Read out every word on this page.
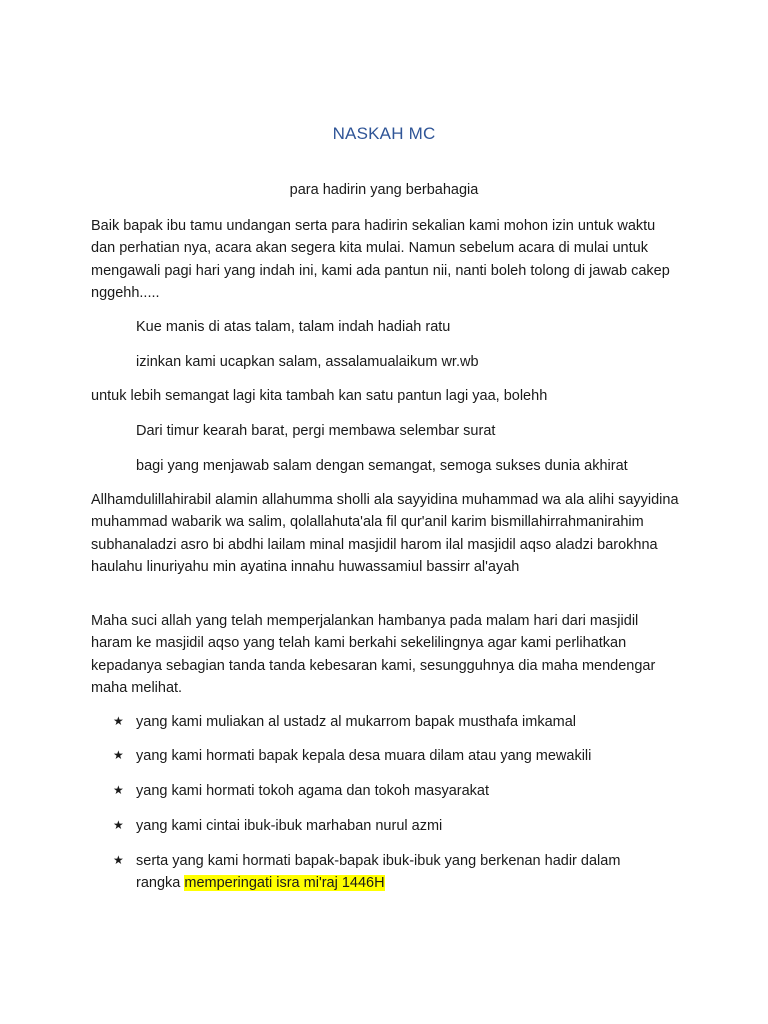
NASKAH MC
para hadirin yang berbahagia

Baik bapak ibu tamu undangan serta para hadirin sekalian kami mohon izin untuk waktu dan perhatian nya, acara akan segera kita mulai. Namun sebelum acara di mulai untuk mengawali pagi hari yang indah ini, kami ada pantun nii, nanti boleh tolong di jawab cakep nggehh.....

Kue manis di atas talam, talam indah hadiah ratu

izinkan kami ucapkan salam, assalamualaikum wr.wb

untuk lebih semangat lagi kita tambah kan satu pantun lagi yaa, bolehh

Dari timur kearah barat, pergi membawa selembar surat

bagi yang menjawab salam dengan semangat, semoga sukses dunia akhirat

Allhamdulillahirabil alamin allahumma sholli ala sayyidina muhammad wa ala alihi sayyidina muhammad wabarik wa salim, qolallahuta'ala fil qur'anil karim bismillahirrahmanirahim subhanaladzi asro bi abdhi lailam minal masjidil harom ilal masjidil aqso aladzi barokhna haulahu linuriyahu min ayatina innahu huwassamiul bassirr al'ayah

Maha suci allah yang telah memperjalankan hambanya pada malam hari dari masjidil haram ke masjidil aqso yang telah kami berkahi sekelilingnya agar kami perlihatkan kepadanya sebagian tanda tanda kebesaran kami, sesungguhnya dia maha mendengar maha melihat.

★ yang kami muliakan al ustadz al mukarrom bapak musthafa imkamal
★ yang kami hormati bapak kepala desa muara dilam atau yang mewakili
★ yang kami hormati tokoh agama dan tokoh masyarakat
★ yang kami cintai ibuk-ibuk marhaban nurul azmi
★ serta yang kami hormati bapak-bapak ibuk-ibuk yang berkenan hadir dalam rangka memperingati isra mi'raj 1446H
